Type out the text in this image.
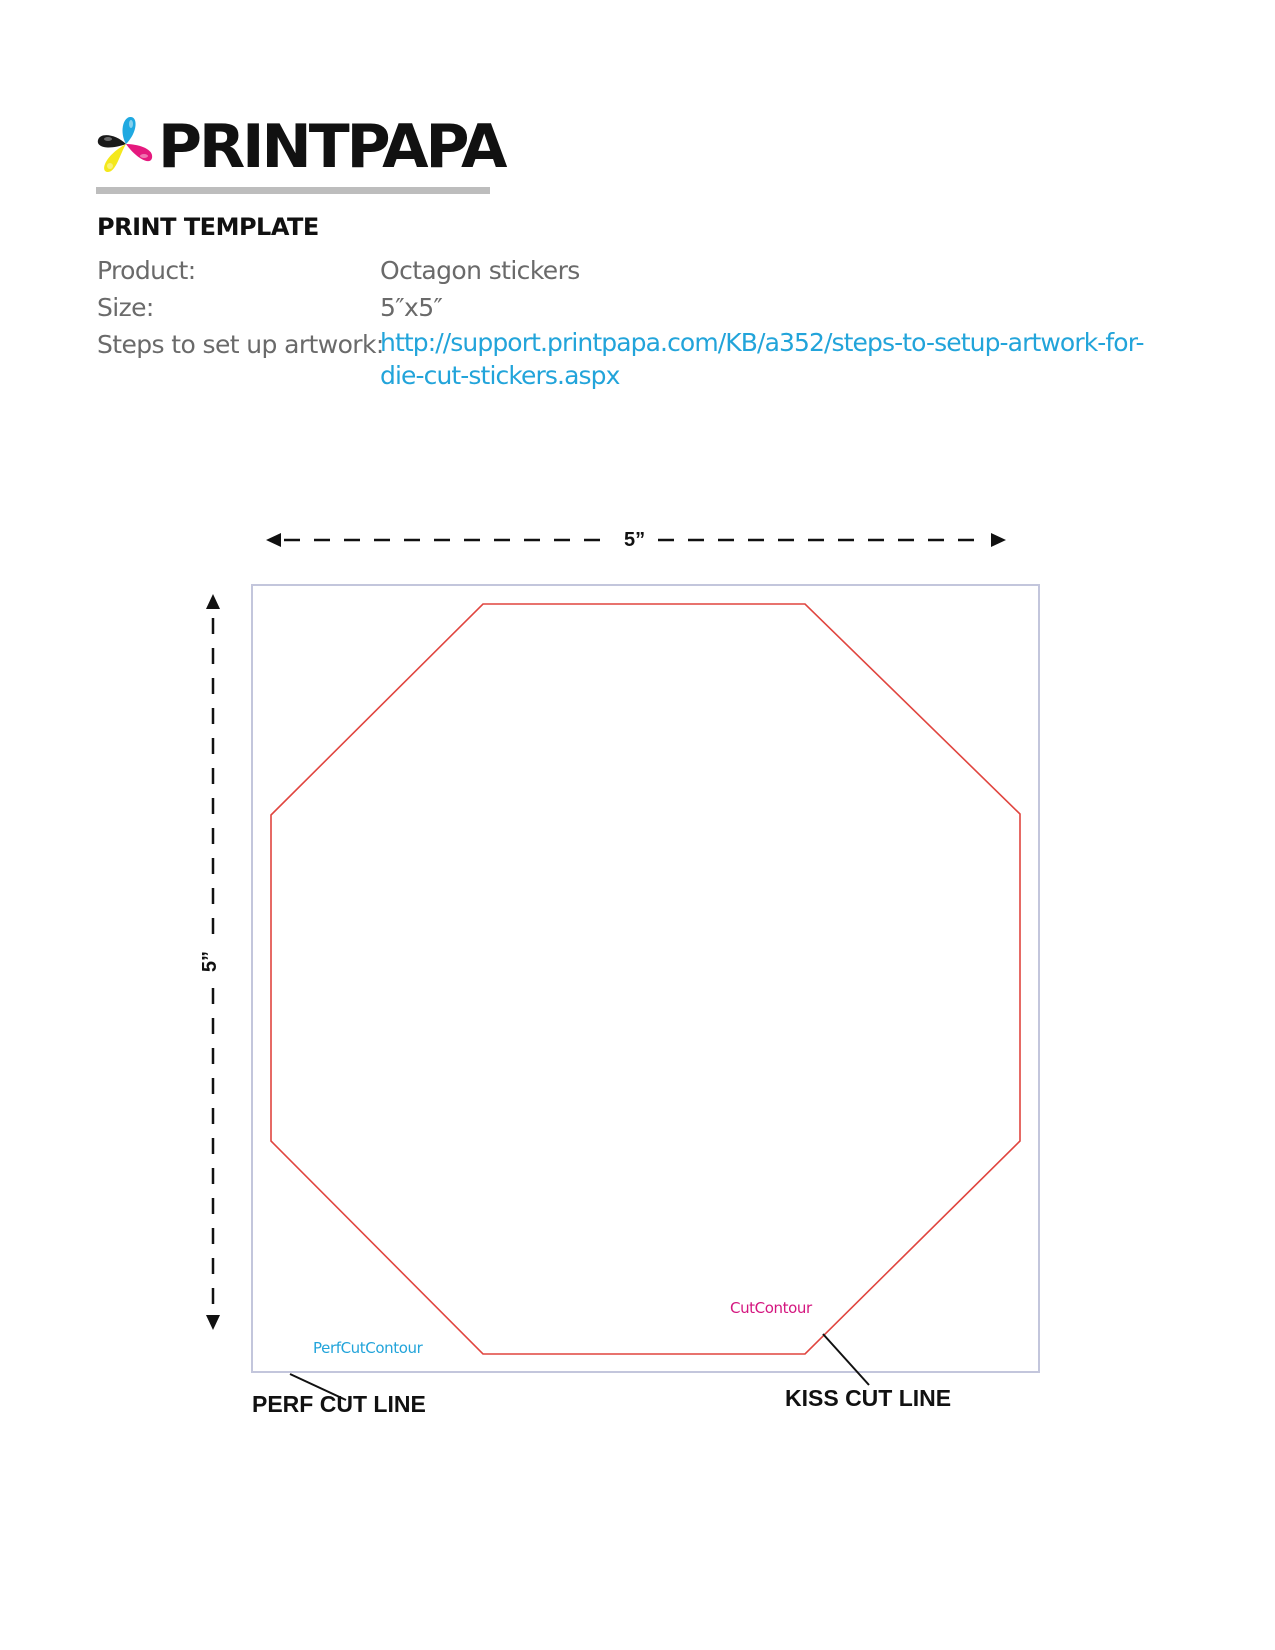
PRINTPAPA
PRINT TEMPLATE
Product:	Octagon stickers
Size:	5″x5″
Steps to set up artwork:
http://support.printpapa.com/KB/a352/steps-to-setup-artwork-for-die-cut-stickers.aspx
5”
5”
PerfCutContour
CutContour
PERF CUT LINE	KISS CUT LINE
